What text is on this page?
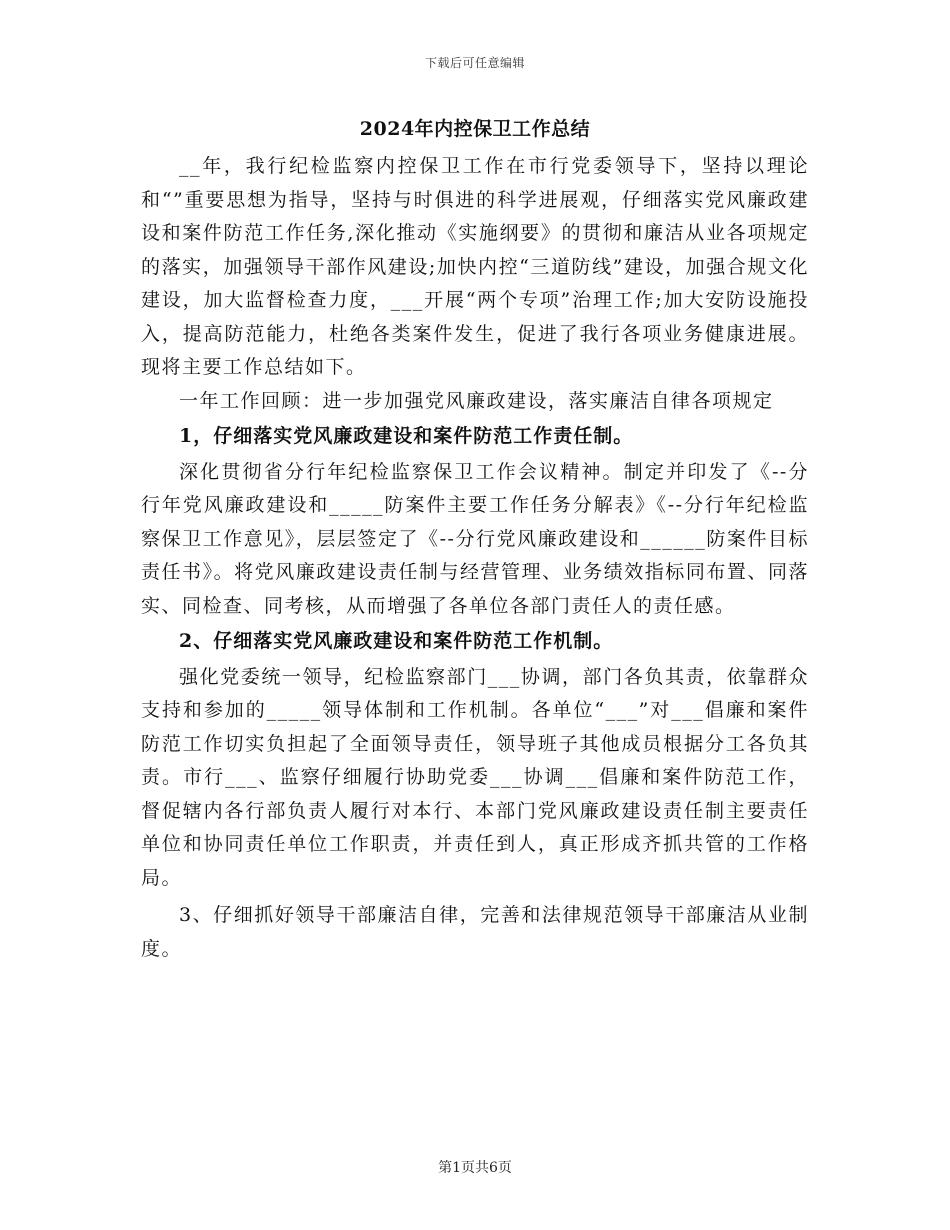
下载后可任意编辑
2024年内控保卫工作总结

__年，我行纪检监察内控保卫工作在市行党委领导下，坚持以理论和“”重要思想为指导，坚持与时俱进的科学进展观，仔细落实党风廉政建设和案件防范工作任务,深化推动《实施纲要》的贯彻和廉洁从业各项规定的落实，加强领导干部作风建设;加快内控“三道防线”建设，加强合规文化建设，加大监督检查力度，___开展“两个专项”治理工作;加大安防设施投入，提高防范能力，杜绝各类案件发生，促进了我行各项业务健康进展。现将主要工作总结如下。

一年工作回顾：进一步加强党风廉政建设，落实廉洁自律各项规定

1，仔细落实党风廉政建设和案件防范工作责任制。

深化贯彻省分行年纪检监察保卫工作会议精神。制定并印发了《--分行年党风廉政建设和_____防案件主要工作任务分解表》《--分行年纪检监察保卫工作意见》，层层签定了《--分行党风廉政建设和______防案件目标责任书》。将党风廉政建设责任制与经营管理、业务绩效指标同布置、同落实、同检查、同考核，从而增强了各单位各部门责任人的责任感。

2、仔细落实党风廉政建设和案件防范工作机制。

强化党委统一领导，纪检监察部门___协调，部门各负其责，依靠群众支持和参加的_____领导体制和工作机制。各单位“___”对___倡廉和案件防范工作切实负担起了全面领导责任，领导班子其他成员根据分工各负其责。市行___、监察仔细履行协助党委___协调___倡廉和案件防范工作，督促辖内各行部负责人履行对本行、本部门党风廉政建设责任制主要责任单位和协同责任单位工作职责，并责任到人，真正形成齐抓共管的工作格局。

3、仔细抓好领导干部廉洁自律，完善和法律规范领导干部廉洁从业制度。

第1页共6页
